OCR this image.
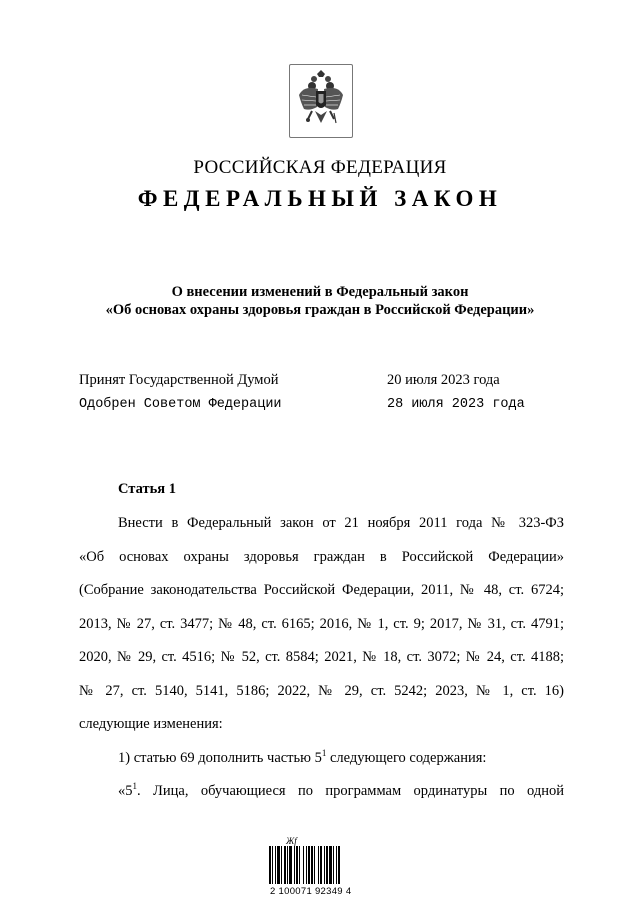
РОССИЙСКАЯ ФЕДЕРАЦИЯ
ФЕДЕРАЛЬНЫЙ ЗАКОН
О внесении изменений в Федеральный закон
«Об основах охраны здоровья граждан в Российской Федерации»
Принят Государственной Думой	20 июля 2023 года
Одобрен Советом Федерации	28 июля 2023 года
Статья 1

Внести в Федеральный закон от 21 ноября 2011 года № 323-ФЗ

«Об основах охраны здоровья граждан в Российской Федерации»

(Собрание законодательства Российской Федерации, 2011, № 48, ст. 6724;

2013, № 27, ст. 3477; № 48, ст. 6165; 2016, № 1, ст. 9; 2017, № 31, ст. 4791;

2020, № 29, ст. 4516; № 52, ст. 8584; 2021, № 18, ст. 3072; № 24, ст. 4188;

№ 27, ст. 5140, 5141, 5186; 2022, № 29, ст. 5242; 2023, № 1, ст. 16)

следующие изменения:

1) статью 69 дополнить частью $5^1$ следующего содержания:

«$5^1$. Лица, обучающиеся по программам ординатуры по одной

Жf
2 100071 92349 4
